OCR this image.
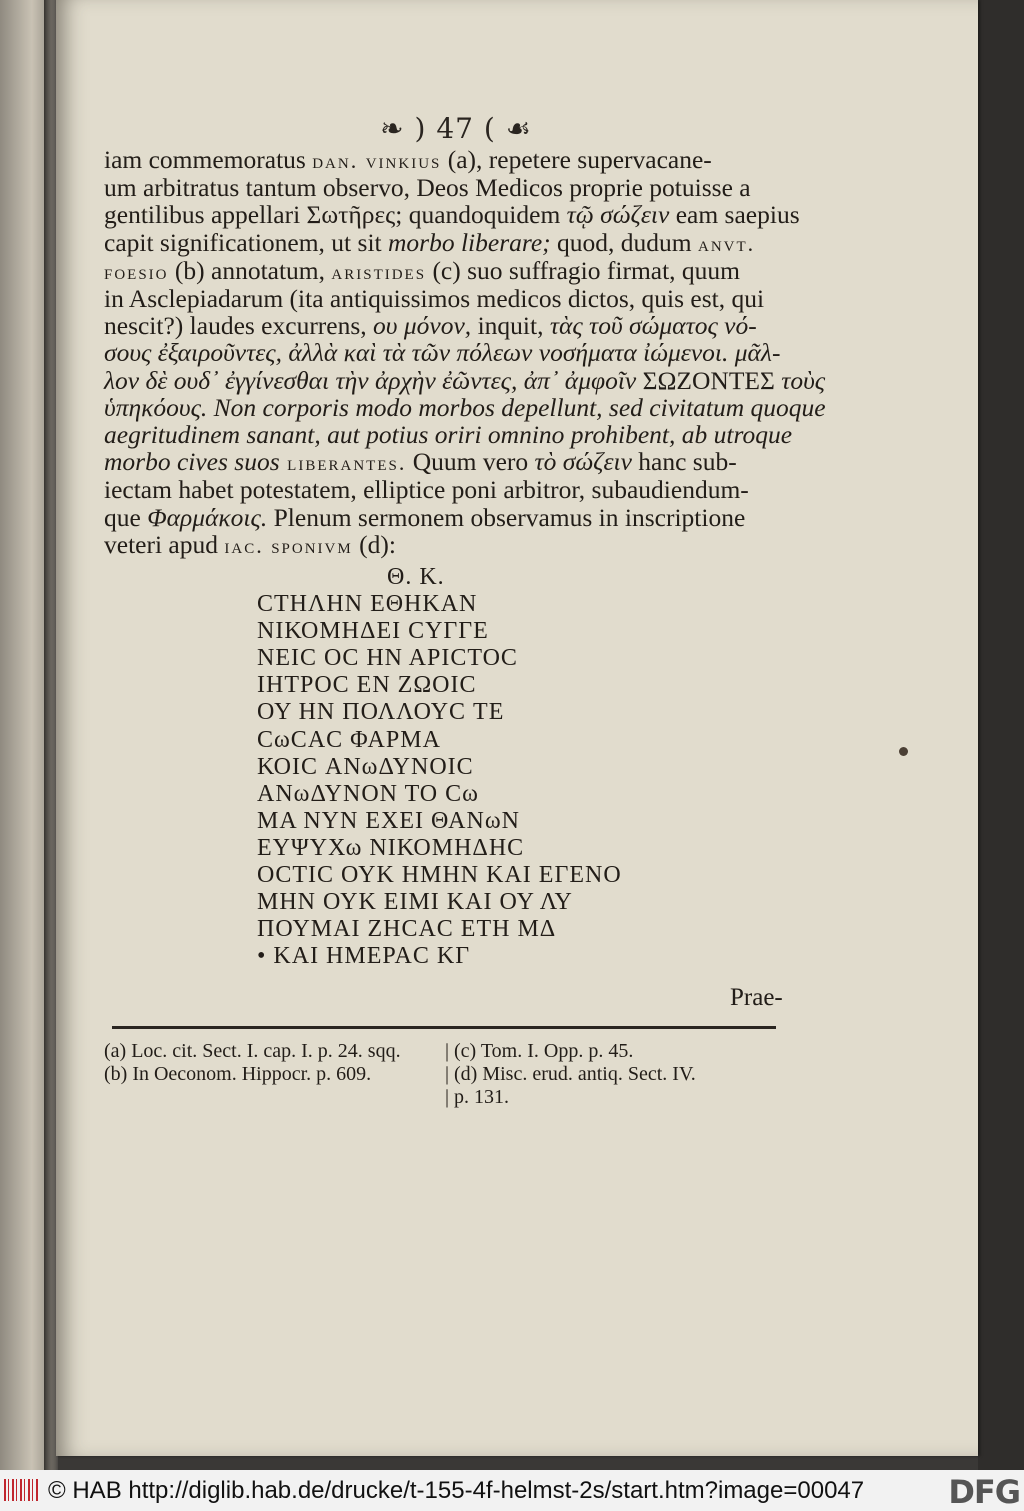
❧ ) 47 ( ☙
iam commemoratus dan. vinkius (a), repetere supervacane-
um arbitratus tantum observo, Deos Medicos proprie potuisse a
gentilibus appellari Σωτῆρες; quandoquidem τῷ σώζειν eam saepius
capit significationem, ut sit morbo liberare; quod, dudum anvt.
foesio (b) annotatum, aristides (c) suo suffragio firmat, quum
in Asclepiadarum (ita antiquissimos medicos dictos, quis est, qui
nescit?) laudes excurrens, ου μόνον, inquit, τὰς τοῦ σώματος νό-
σους ἐξαιροῦντες, ἀλλὰ καὶ τὰ τῶν πόλεων νοσήματα ἰώμενοι. μᾶλ-
λον δὲ ουδ᾽ ἐγγίνεσθαι τὴν ἀρχὴν ἐῶντες, ἀπ᾽ ἀμφοῖν ΣΩΖΟΝΤΕΣ τοὺς
ὑπηκόους. Non corporis modo morbos depellunt, sed civitatum quoque
aegritudinem sanant, aut potius oriri omnino prohibent, ab utroque
morbo cives suos liberantes. Quum vero τὸ σώζειν hanc sub-
iectam habet potestatem, elliptice poni arbitror, subaudiendum-
que Φαρμάκοις. Plenum sermonem observamus in inscriptione
veteri apud iac. sponivm (d):
Θ. Κ.
CΤΗΛΗΝ ΕΘΗΚΑΝ
ΝΙΚΟΜΗΔΕΙ CΥΓΓΕ
ΝΕΙC ΟC ΗΝ ΑΡΙCΤΟC
ΙΗΤΡΟC ΕΝ ΖΩΟΙC
ΟΥ ΗΝ ΠΟΛΛΟΥC ΤΕ
CωCΑC ΦΑΡΜΑ
ΚΟΙC ΑΝωΔΥΝΟΙC
ΑΝωΔΥΝΟΝ ΤΟ Cω
ΜΑ ΝΥΝ ΕΧΕΙ ΘΑΝωΝ
ΕΥΨΥΧω ΝΙΚΟΜΗΔΗC
ΟCΤΙC ΟΥΚ ΗΜΗΝ ΚΑΙ ΕΓΕΝΟ
ΜΗΝ ΟΥΚ ΕΙΜΙ ΚΑΙ ΟΥ ΛΥ
ΠΟΥΜΑΙ ΖΗCΑC ΕΤΗ ΜΔ
• ΚΑΙ ΗΜΕΡΑC ΚΓ
Prae-
(a) Loc. cit. Sect. I. cap. I. p. 24. sqq.	| (c) Tom. I. Opp. p. 45.
(b) In Oeconom. Hippocr. p. 609.	| (d) Misc. erud. antiq. Sect. IV.
| p. 131.
© HAB http://diglib.hab.de/drucke/t-155-4f-helmst-2s/start.htm?image=00047	DFG
